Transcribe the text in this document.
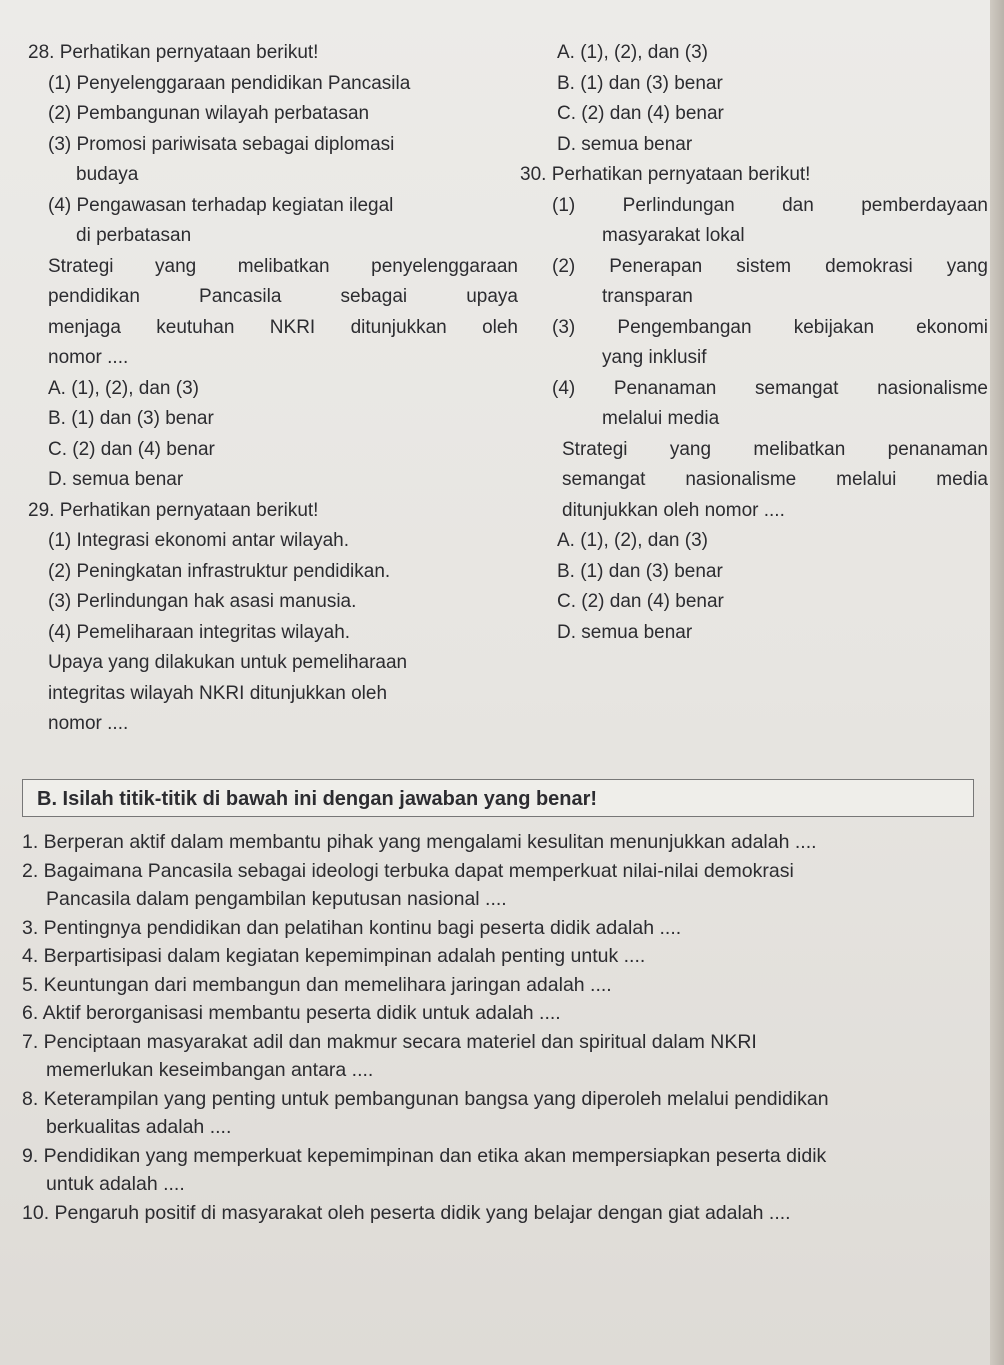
28. Perhatikan pernyataan berikut!
(1) Penyelenggaraan pendidikan Pancasila
(2) Pembangunan wilayah perbatasan
(3) Promosi pariwisata sebagai diplomasi
budaya
(4) Pengawasan terhadap kegiatan ilegal
di perbatasan
Strategi yang melibatkan penyelenggaraan
pendidikan Pancasila sebagai upaya
menjaga keutuhan NKRI ditunjukkan oleh
nomor ....
A. (1), (2), dan (3)
B. (1) dan (3) benar
C. (2) dan (4) benar
D. semua benar
29. Perhatikan pernyataan berikut!
(1) Integrasi ekonomi antar wilayah.
(2) Peningkatan infrastruktur pendidikan.
(3) Perlindungan hak asasi manusia.
(4) Pemeliharaan integritas wilayah.
Upaya yang dilakukan untuk pemeliharaan
integritas wilayah NKRI ditunjukkan oleh
nomor ....
A. (1), (2), dan (3)
B. (1) dan (3) benar
C. (2) dan (4) benar
D. semua benar
30. Perhatikan pernyataan berikut!
(1) Perlindungan dan pemberdayaan
masyarakat lokal
(2) Penerapan sistem demokrasi yang
transparan
(3) Pengembangan kebijakan ekonomi
yang inklusif
(4) Penanaman semangat nasionalisme
melalui media
Strategi yang melibatkan penanaman
semangat nasionalisme melalui media
ditunjukkan oleh nomor ....
A. (1), (2), dan (3)
B. (1) dan (3) benar
C. (2) dan (4) benar
D. semua benar
B. Isilah titik-titik di bawah ini dengan jawaban yang benar!
1. Berperan aktif dalam membantu pihak yang mengalami kesulitan menunjukkan adalah ....
2. Bagaimana Pancasila sebagai ideologi terbuka dapat memperkuat nilai-nilai demokrasi
Pancasila dalam pengambilan keputusan nasional ....
3. Pentingnya pendidikan dan pelatihan kontinu bagi peserta didik adalah ....
4. Berpartisipasi dalam kegiatan kepemimpinan adalah penting untuk ....
5. Keuntungan dari membangun dan memelihara jaringan adalah ....
6. Aktif berorganisasi membantu peserta didik untuk adalah ....
7. Penciptaan masyarakat adil dan makmur secara materiel dan spiritual dalam NKRI
memerlukan keseimbangan antara ....
8. Keterampilan yang penting untuk pembangunan bangsa yang diperoleh melalui pendidikan
berkualitas adalah ....
9. Pendidikan yang memperkuat kepemimpinan dan etika akan mempersiapkan peserta didik
untuk adalah ....
10. Pengaruh positif di masyarakat oleh peserta didik yang belajar dengan giat adalah ....
